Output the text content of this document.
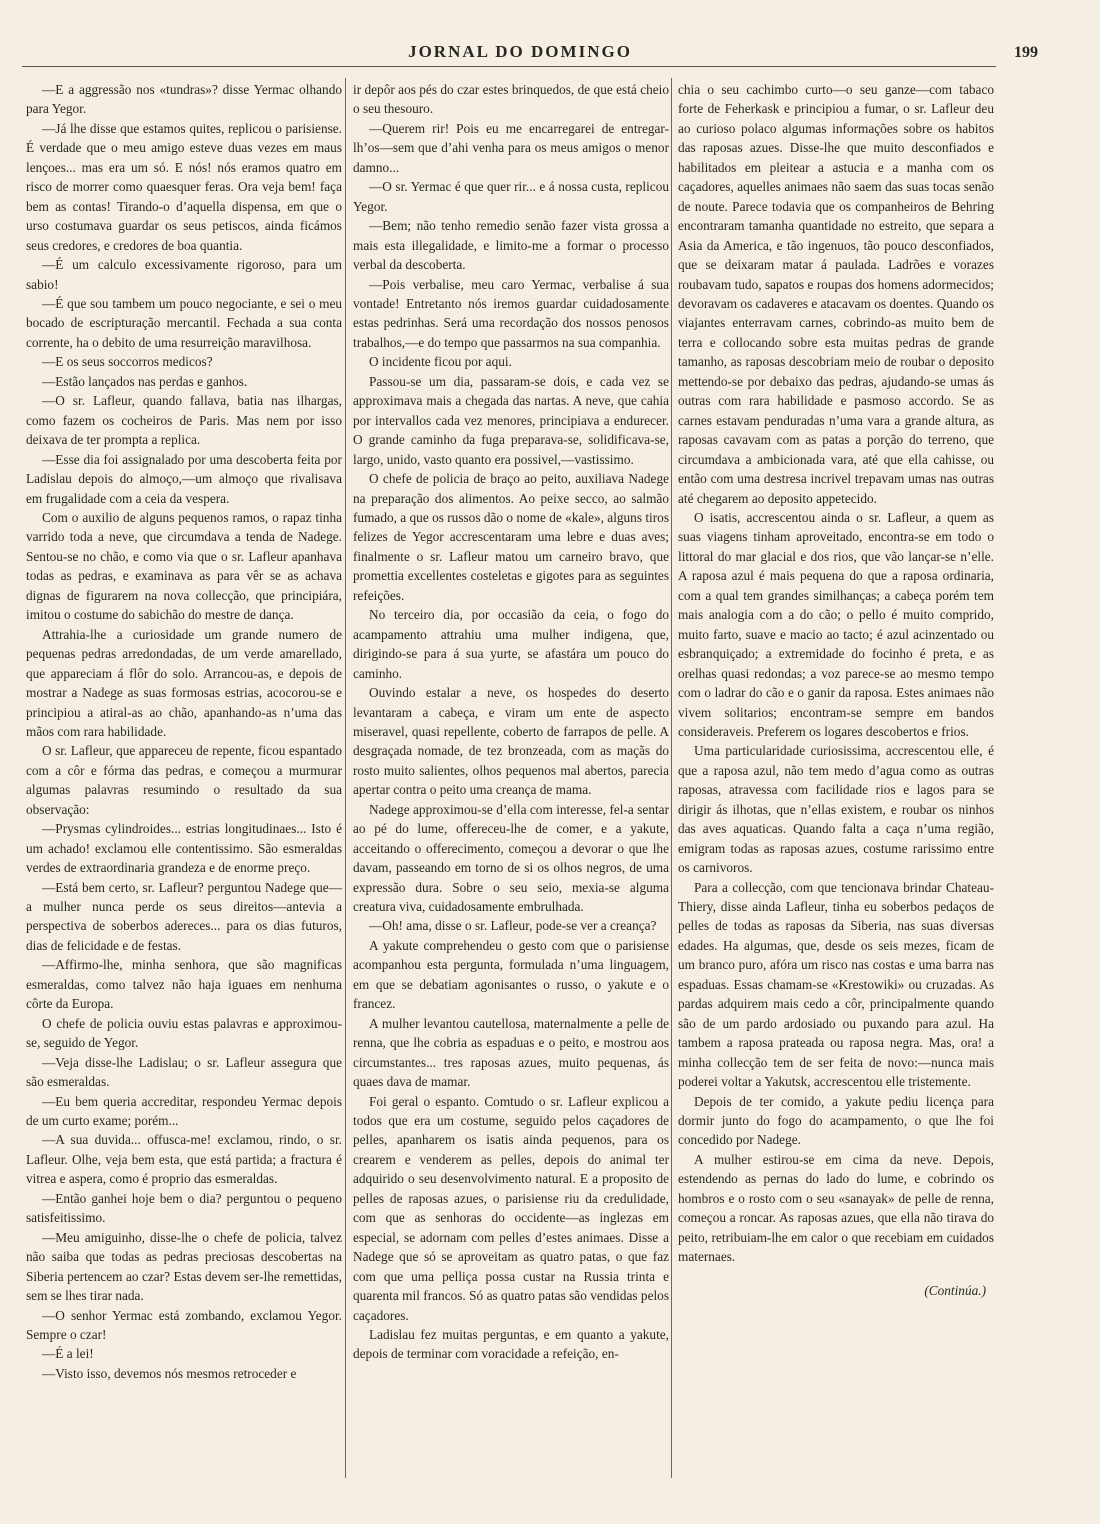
JORNAL DO DOMINGO	199

—E a aggressão nos «tundras»? disse Yermac olhando para Yegor.

—Já lhe disse que estamos quites, replicou o parisiense. É verdade que o meu amigo esteve duas vezes em maus lençoes... mas era um só. E nós! nós eramos quatro em risco de morrer como quaesquer feras. Ora veja bem! faça bem as contas! Tirando-o d’aquella dispensa, em que o urso costumava guardar os seus petiscos, ainda ficámos seus credores, e credores de boa quantia.

—É um calculo excessivamente rigoroso, para um sabio!

—É que sou tambem um pouco negociante, e sei o meu bocado de escripturação mercantil. Fechada a sua conta corrente, ha o debito de uma resurreição maravilhosa.

—E os seus soccorros medicos?

—Estão lançados nas perdas e ganhos.

—O sr. Lafleur, quando fallava, batia nas ilhargas, como fazem os cocheiros de Paris. Mas nem por isso deixava de ter prompta a replica.

—Esse dia foi assignalado por uma descoberta feita por Ladislau depois do almoço,—um almoço que rivalisava em frugalidade com a ceia da vespera.

Com o auxilio de alguns pequenos ramos, o rapaz tinha varrido toda a neve, que circumdava a tenda de Nadege. Sentou-se no chão, e como via que o sr. Lafleur apanhava todas as pedras, e examinava as para vêr se as achava dignas de figurarem na nova collecção, que principiára, imitou o costume do sabichão do mestre de dança.

Attrahia-lhe a curiosidade um grande numero de pequenas pedras arredondadas, de um verde amarellado, que appareciam á flôr do solo. Arrancou-as, e depois de mostrar a Nadege as suas formosas estrias, acocorou-se e principiou a atiral-as ao chão, apanhando-as n’uma das mãos com rara habilidade.

O sr. Lafleur, que appareceu de repente, ficou espantado com a côr e fórma das pedras, e começou a murmurar algumas palavras resumindo o resultado da sua observação:

—Prysmas cylindroides... estrias longitudinaes... Isto é um achado! exclamou elle contentissimo. São esmeraldas verdes de extraordinaria grandeza e de enorme preço.

—Está bem certo, sr. Lafleur? perguntou Nadege que—a mulher nunca perde os seus direitos—antevia a perspectiva de soberbos adereces... para os dias futuros, dias de felicidade e de festas.

—Affirmo-lhe, minha senhora, que são magnificas esmeraldas, como talvez não haja iguaes em nenhuma côrte da Europa.

O chefe de policia ouviu estas palavras e approximou-se, seguido de Yegor.

—Veja disse-lhe Ladislau; o sr. Lafleur assegura que são esmeraldas.

—Eu bem queria accreditar, respondeu Yermac depois de um curto exame; porém...

—A sua duvida... offusca-me! exclamou, rindo, o sr. Lafleur. Olhe, veja bem esta, que está partida; a fractura é vitrea e aspera, como é proprio das esmeraldas.

—Então ganhei hoje bem o dia? perguntou o pequeno satisfeitissimo.

—Meu amiguinho, disse-lhe o chefe de policia, talvez não saiba que todas as pedras preciosas descobertas na Siberia pertencem ao czar? Estas devem ser-lhe remettidas, sem se lhes tirar nada.

—O senhor Yermac está zombando, exclamou Yegor. Sempre o czar!

—É a lei!

—Visto isso, devemos nós mesmos retroceder e

ir depôr aos pés do czar estes brinquedos, de que está cheio o seu thesouro.

—Querem rir! Pois eu me encarregarei de entregar-lh’os—sem que d’ahi venha para os meus amigos o menor damno...

—O sr. Yermac é que quer rir... e á nossa custa, replicou Yegor.

—Bem; não tenho remedio senão fazer vista grossa a mais esta illegalidade, e limito-me a formar o processo verbal da descoberta.

—Pois verbalise, meu caro Yermac, verbalise á sua vontade! Entretanto nós iremos guardar cuidadosamente estas pedrinhas. Será uma recordação dos nossos penosos trabalhos,—e do tempo que passarmos na sua companhia.

O incidente ficou por aqui.

Passou-se um dia, passaram-se dois, e cada vez se approximava mais a chegada das nartas. A neve, que cahia por intervallos cada vez menores, principiava a endurecer. O grande caminho da fuga preparava-se, solidificava-se, largo, unido, vasto quanto era possivel,—vastissimo.

O chefe de policia de braço ao peito, auxiliava Nadege na preparação dos alimentos. Ao peixe secco, ao salmão fumado, a que os russos dão o nome de «kale», alguns tiros felizes de Yegor accrescentaram uma lebre e duas aves; finalmente o sr. Lafleur matou um carneiro bravo, que promettia excellentes costeletas e gigotes para as seguintes refeições.

No terceiro dia, por occasião da ceia, o fogo do acampamento attrahiu uma mulher indigena, que, dirigindo-se para á sua yurte, se afastára um pouco do caminho.

Ouvindo estalar a neve, os hospedes do deserto levantaram a cabeça, e viram um ente de aspecto miseravel, quasi repellente, coberto de farrapos de pelle. A desgraçada nomade, de tez bronzeada, com as maçãs do rosto muito salientes, olhos pequenos mal abertos, parecia apertar contra o peito uma creança de mama.

Nadege approximou-se d’ella com interesse, fel-a sentar ao pé do lume, offereceu-lhe de comer, e a yakute, acceitando o offerecimento, começou a devorar o que lhe davam, passeando em torno de si os olhos negros, de uma expressão dura. Sobre o seu seio, mexia-se alguma creatura viva, cuidadosamente embrulhada.

—Oh! ama, disse o sr. Lafleur, pode-se ver a creança?

A yakute comprehendeu o gesto com que o parisiense acompanhou esta pergunta, formulada n’uma linguagem, em que se debatiam agonisantes o russo, o yakute e o francez.

A mulher levantou cautellosa, maternalmente a pelle de renna, que lhe cobria as espaduas e o peito, e mostrou aos circumstantes... tres raposas azues, muito pequenas, ás quaes dava de mamar.

Foi geral o espanto. Comtudo o sr. Lafleur explicou a todos que era um costume, seguido pelos caçadores de pelles, apanharem os isatis ainda pequenos, para os crearem e venderem as pelles, depois do animal ter adquirido o seu desenvolvimento natural. E a proposito de pelles de raposas azues, o parisiense riu da credulidade, com que as senhoras do occidente—as inglezas em especial, se adornam com pelles d’estes animaes. Disse a Nadege que só se aproveitam as quatro patas, o que faz com que uma pelliça possa custar na Russia trinta e quarenta mil francos. Só as quatro patas são vendidas pelos caçadores.

Ladislau fez muitas perguntas, e em quanto a yakute, depois de terminar com voracidade a refeição, en-

chia o seu cachimbo curto—o seu ganze—com tabaco forte de Feherkask e principiou a fumar, o sr. Lafleur deu ao curioso polaco algumas informações sobre os habitos das raposas azues. Disse-lhe que muito desconfiados e habilitados em pleitear a astucia e a manha com os caçadores, aquelles animaes não saem das suas tocas senão de noute. Parece todavia que os companheiros de Behring encontraram tamanha quantidade no estreito, que separa a Asia da America, e tão ingenuos, tão pouco desconfiados, que se deixaram matar á paulada. Ladrões e vorazes roubavam tudo, sapatos e roupas dos homens adormecidos; devoravam os cadaveres e atacavam os doentes. Quando os viajantes enterravam carnes, cobrindo-as muito bem de terra e collocando sobre esta muitas pedras de grande tamanho, as raposas descobriam meio de roubar o deposito mettendo-se por debaixo das pedras, ajudando-se umas ás outras com rara habilidade e pasmoso accordo. Se as carnes estavam penduradas n’uma vara a grande altura, as raposas cavavam com as patas a porção do terreno, que circumdava a ambicionada vara, até que ella cahisse, ou então com uma destresa incrivel trepavam umas nas outras até chegarem ao deposito appetecido.

O isatis, accrescentou ainda o sr. Lafleur, a quem as suas viagens tinham aproveitado, encontra-se em todo o littoral do mar glacial e dos rios, que vão lançar-se n’elle. A raposa azul é mais pequena do que a raposa ordinaria, com a qual tem grandes similhanças; a cabeça porém tem mais analogia com a do cão; o pello é muito comprido, muito farto, suave e macio ao tacto; é azul acinzentado ou esbranquiçado; a extremidade do focinho é preta, e as orelhas quasi redondas; a voz parece-se ao mesmo tempo com o ladrar do cão e o ganir da raposa. Estes animaes não vivem solitarios; encontram-se sempre em bandos consideraveis. Preferem os logares descobertos e frios.

Uma particularidade curiosissima, accrescentou elle, é que a raposa azul, não tem medo d’agua como as outras raposas, atravessa com facilidade rios e lagos para se dirigir ás ilhotas, que n’ellas existem, e roubar os ninhos das aves aquaticas. Quando falta a caça n’uma região, emigram todas as raposas azues, costume rarissimo entre os carnivoros.

Para a collecção, com que tencionava brindar Chateau-Thiery, disse ainda Lafleur, tinha eu soberbos pedaços de pelles de todas as raposas da Siberia, nas suas diversas edades. Ha algumas, que, desde os seis mezes, ficam de um branco puro, afóra um risco nas costas e uma barra nas espaduas. Essas chamam-se «Krestowiki» ou cruzadas. As pardas adquirem mais cedo a côr, principalmente quando são de um pardo ardosiado ou puxando para azul. Ha tambem a raposa prateada ou raposa negra. Mas, ora! a minha collecção tem de ser feita de novo:—nunca mais poderei voltar a Yakutsk, accrescentou elle tristemente.

Depois de ter comido, a yakute pediu licença para dormir junto do fogo do acampamento, o que lhe foi concedido por Nadege.

A mulher estirou-se em cima da neve. Depois, estendendo as pernas do lado do lume, e cobrindo os hombros e o rosto com o seu «sanayak» de pelle de renna, começou a roncar. As raposas azues, que ella não tirava do peito, retribuiam-lhe em calor o que recebiam em cuidados maternaes.

(Continúa.)
